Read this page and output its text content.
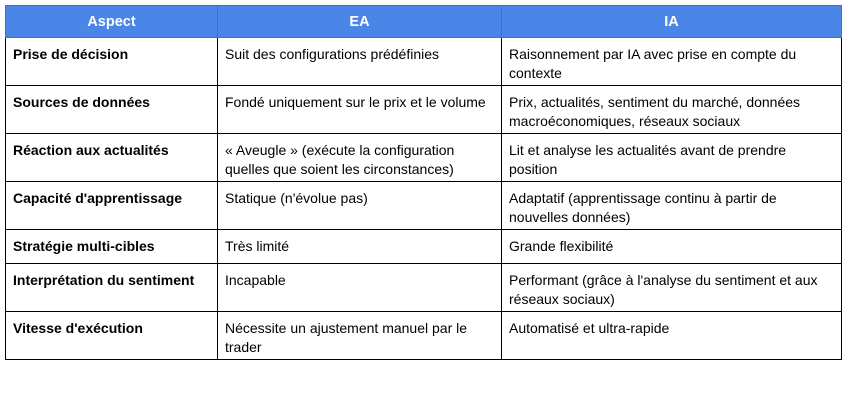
Aspect	EA	IA
Prise de décision	Suit des configurations prédéfinies	Raisonnement par IA avec prise en compte du contexte
Sources de données	Fondé uniquement sur le prix et le volume	Prix, actualités, sentiment du marché, données macroéconomiques, réseaux sociaux
Réaction aux actualités	« Aveugle » (exécute la configuration quelles que soient les circonstances)	Lit et analyse les actualités avant de prendre position
Capacité d'apprentissage	Statique (n'évolue pas)	Adaptatif (apprentissage continu à partir de nouvelles données)
Stratégie multi-cibles	Très limité	Grande flexibilité
Interprétation du sentiment	Incapable	Performant (grâce à l'analyse du sentiment et aux réseaux sociaux)
Vitesse d'exécution	Nécessite un ajustement manuel par le trader	Automatisé et ultra-rapide
